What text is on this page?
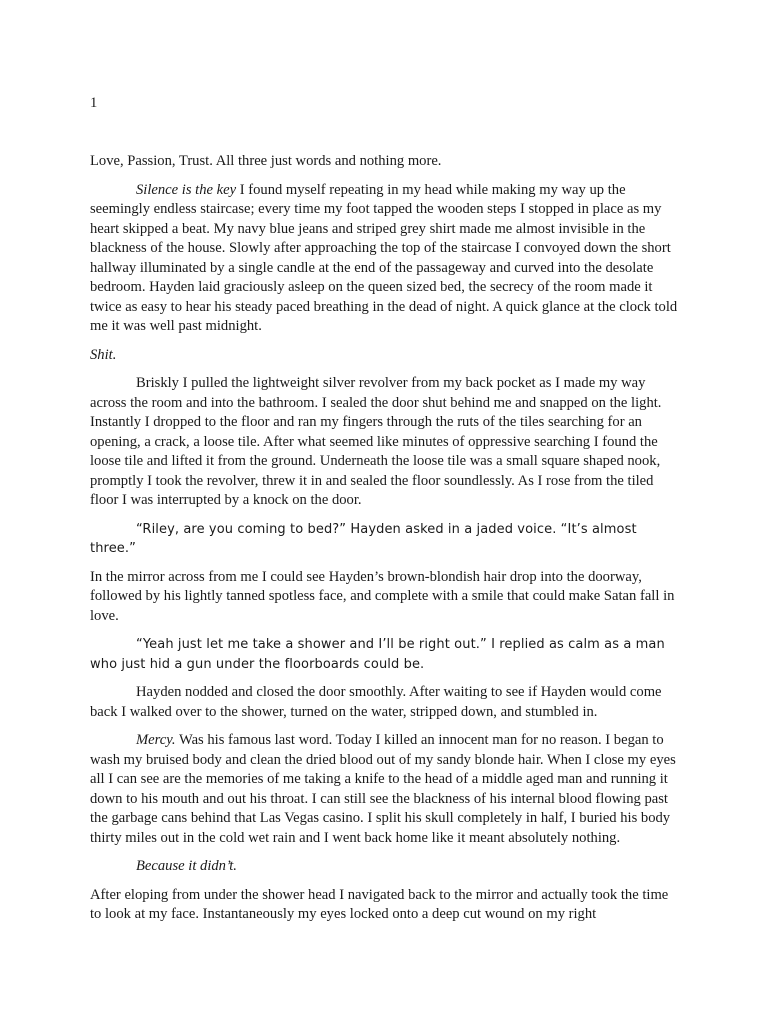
1

Love, Passion, Trust. All three just words and nothing more.

Silence is the key I found myself repeating in my head while making my way up the seemingly endless staircase; every time my foot tapped the wooden steps I stopped in place as my heart skipped a beat. My navy blue jeans and striped grey shirt made me almost invisible in the blackness of the house. Slowly after approaching the top of the staircase I convoyed down the short hallway illuminated by a single candle at the end of the passageway and curved into the desolate bedroom. Hayden laid graciously asleep on the queen sized bed, the secrecy of the room made it twice as easy to hear his steady paced breathing in the dead of night. A quick glance at the clock told me it was well past midnight.

Shit.

Briskly I pulled the lightweight silver revolver from my back pocket as I made my way across the room and into the bathroom. I sealed the door shut behind me and snapped on the light. Instantly I dropped to the floor and ran my fingers through the ruts of the tiles searching for an opening, a crack, a loose tile. After what seemed like minutes of oppressive searching I found the loose tile and lifted it from the ground. Underneath the loose tile was a small square shaped nook, promptly I took the revolver, threw it in and sealed the floor soundlessly. As I rose from the tiled floor I was interrupted by a knock on the door.

“Riley, are you coming to bed?” Hayden asked in a jaded voice. “It’s almost three.”

In the mirror across from me I could see Hayden’s brown-blondish hair drop into the doorway, followed by his lightly tanned spotless face, and complete with a smile that could make Satan fall in love.

“Yeah just let me take a shower and I’ll be right out.” I replied as calm as a man who just hid a gun under the floorboards could be.

Hayden nodded and closed the door smoothly. After waiting to see if Hayden would come back I walked over to the shower, turned on the water, stripped down, and stumbled in.

Mercy. Was his famous last word. Today I killed an innocent man for no reason. I began to wash my bruised body and clean the dried blood out of my sandy blonde hair. When I close my eyes all I can see are the memories of me taking a knife to the head of a middle aged man and running it down to his mouth and out his throat. I can still see the blackness of his internal blood flowing past the garbage cans behind that Las Vegas casino. I split his skull completely in half, I buried his body thirty miles out in the cold wet rain and I went back home like it meant absolutely nothing.

Because it didn’t.

After eloping from under the shower head I navigated back to the mirror and actually took the time to look at my face. Instantaneously my eyes locked onto a deep cut wound on my right
